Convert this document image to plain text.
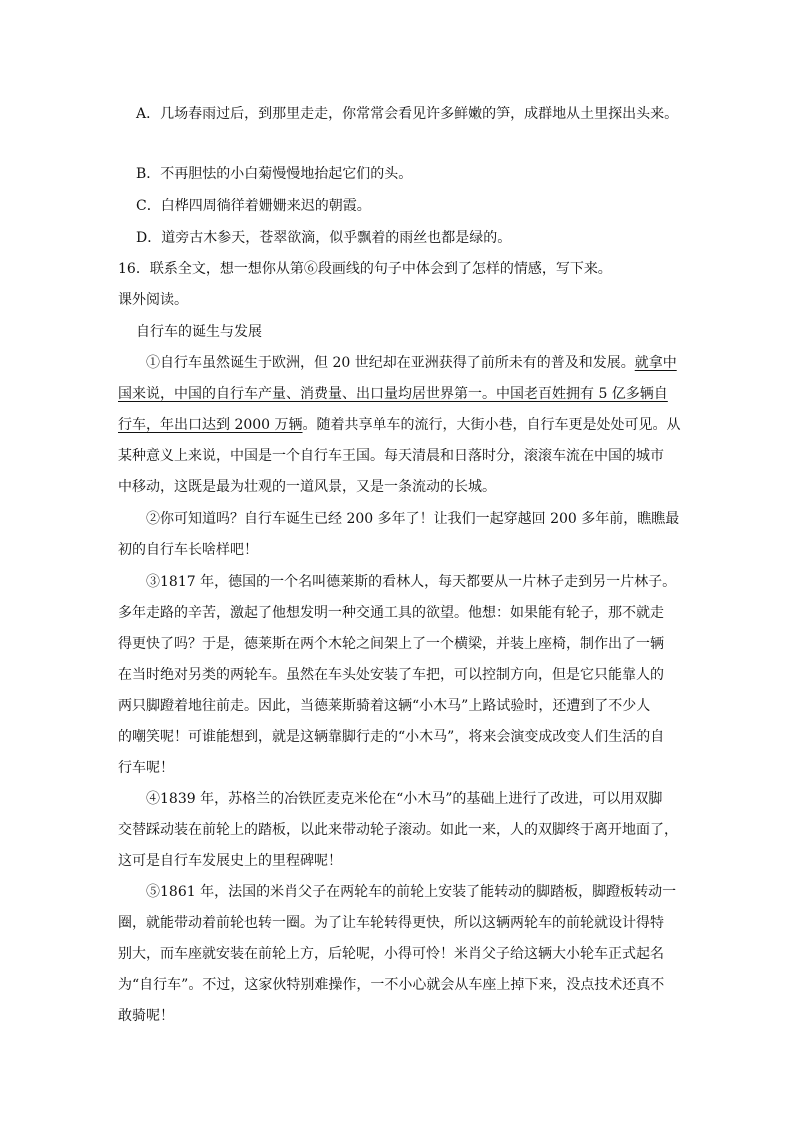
A．几场春雨过后，到那里走走，你常常会看见许多鲜嫩的笋，成群地从土里探出头来。
B．不再胆怯的小白菊慢慢地抬起它们的头。
C．白桦四周徜徉着姗姗来迟的朝霞。
D．道旁古木参天，苍翠欲滴，似乎飘着的雨丝也都是绿的。
16．联系全文，想一想你从第⑥段画线的句子中体会到了怎样的情感，写下来。
课外阅读。
自行车的诞生与发展
　　①自行车虽然诞生于欧洲，但 20 世纪却在亚洲获得了前所未有的普及和发展。就拿中
国来说，中国的自行车产量、消费量、出口量均居世界第一。中国老百姓拥有 5 亿多辆自
行车，年出口达到 2000 万辆。随着共享单车的流行，大街小巷，自行车更是处处可见。从
某种意义上来说，中国是一个自行车王国。每天清晨和日落时分，滚滚车流在中国的城市
中移动，这既是最为壮观的一道风景，又是一条流动的长城。
　　②你可知道吗？自行车诞生已经 200 多年了！让我们一起穿越回 200 多年前，瞧瞧最
初的自行车长啥样吧！
　　③1817 年，德国的一个名叫德莱斯的看林人，每天都要从一片林子走到另一片林子。
多年走路的辛苦，激起了他想发明一种交通工具的欲望。他想：如果能有轮子，那不就走
得更快了吗？于是，德莱斯在两个木轮之间架上了一个横梁，并装上座椅，制作出了一辆
在当时绝对另类的两轮车。虽然在车头处安装了车把，可以控制方向，但是它只能靠人的
两只脚蹬着地往前走。因此，当德莱斯骑着这辆“小木马”上路试验时，还遭到了不少人
的嘲笑呢！可谁能想到，就是这辆靠脚行走的“小木马”，将来会演变成改变人们生活的自
行车呢！
　　④1839 年，苏格兰的冶铁匠麦克米伦在“小木马”的基础上进行了改进，可以用双脚
交替踩动装在前轮上的踏板，以此来带动轮子滚动。如此一来，人的双脚终于离开地面了，
这可是自行车发展史上的里程碑呢！
　　⑤1861 年，法国的米肖父子在两轮车的前轮上安装了能转动的脚踏板，脚蹬板转动一
圈，就能带动着前轮也转一圈。为了让车轮转得更快，所以这辆两轮车的前轮就设计得特
别大，而车座就安装在前轮上方，后轮呢，小得可怜！米肖父子给这辆大小轮车正式起名
为“自行车”。不过，这家伙特别难操作，一不小心就会从车座上掉下来，没点技术还真不
敢骑呢！
